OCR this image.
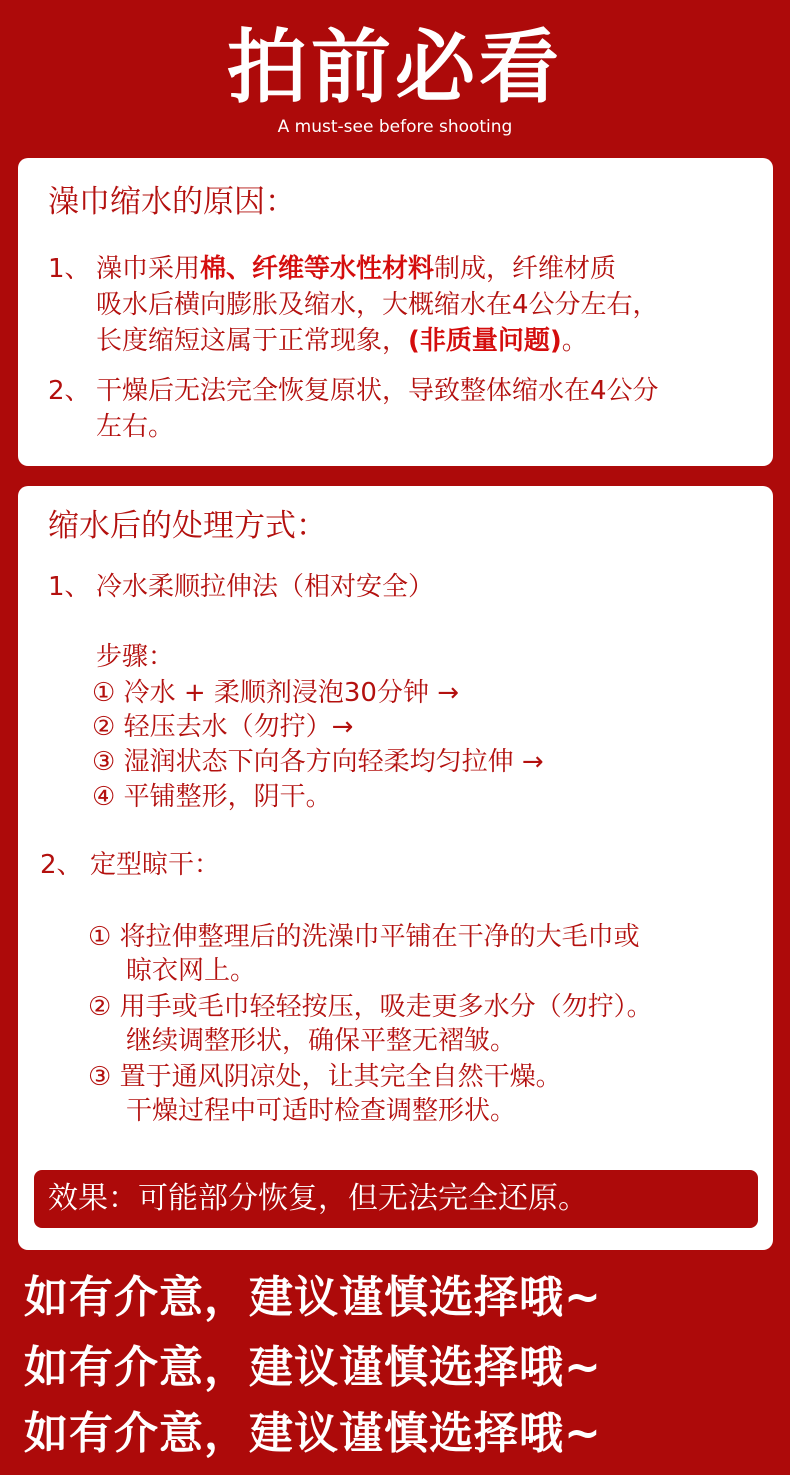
拍前必看
A must-see before shooting
澡巾缩水的原因：
1、 澡巾采用棉、纤维等水性材料制成，纤维材质
吸水后横向膨胀及缩水，大概缩水在4公分左右，
长度缩短这属于正常现象，(非质量问题)。
2、 干燥后无法完全恢复原状，导致整体缩水在4公分
左右。
缩水后的处理方式：
1、 冷水柔顺拉伸法（相对安全）
步骤：
① 冷水 + 柔顺剂浸泡30分钟 →
② 轻压去水（勿拧）→
③ 湿润状态下向各方向轻柔均匀拉伸 →
④ 平铺整形，阴干。
2、 定型晾干：
① 将拉伸整理后的洗澡巾平铺在干净的大毛巾或
晾衣网上。
② 用手或毛巾轻轻按压，吸走更多水分（勿拧）。
继续调整形状，确保平整无褶皱。
③ 置于通风阴凉处，让其完全自然干燥。
干燥过程中可适时检查调整形状。
效果：可能部分恢复，但无法完全还原。
如有介意，建议谨慎选择哦~
如有介意，建议谨慎选择哦~
如有介意，建议谨慎选择哦~
